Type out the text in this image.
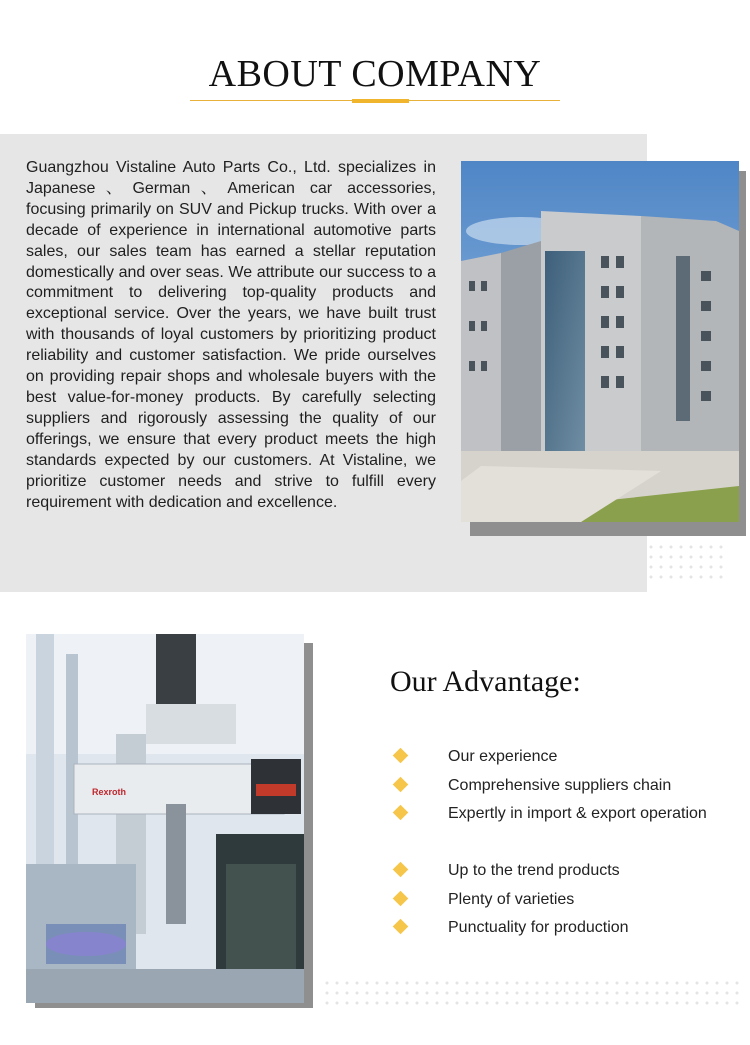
ABOUT COMPANY

Guangzhou Vistaline Auto Parts Co., Ltd. specializes in Japanese、German、American car accessories, focusing primarily on SUV and Pickup trucks. With over a decade of experience in international automotive parts sales, our sales team has earned a stellar reputation domestically and over seas. We attribute our success to a commitment to delivering top-quality products and exceptional service. Over the years, we have built trust with thousands of loyal customers by prioritizing product reliability and customer satisfaction. We pride ourselves on providing repair shops and wholesale buyers with the best value-for-money products. By carefully selecting suppliers and rigorously assessing the quality of our offerings, we ensure that every product meets the high standards expected by our customers. At Vistaline, we prioritize customer needs and strive to fulfill every requirement with dedication and excellence.

Rexroth
Our Advantage:
Our experience
Comprehensive suppliers chain
Expertly in import & export operation
Up to the trend products
Plenty of varieties
Punctuality for production
